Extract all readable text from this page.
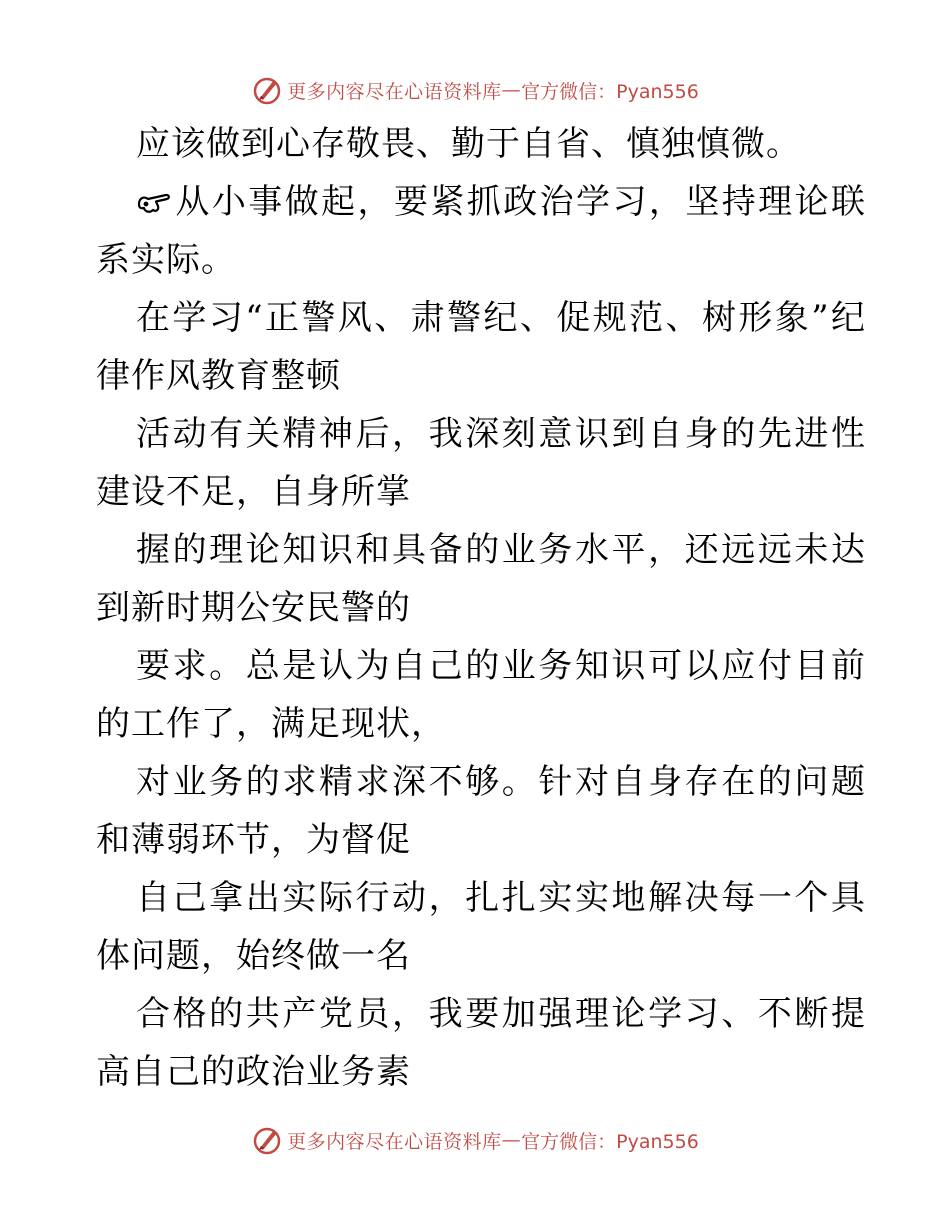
更多内容尽在心语资料库 — 官方微信：Pyan556

应该做到心存敬畏、勤于自省、慎独慎微。

从小事做起，要紧抓政治学习，坚持理论联系实际。

在学习“正警风、肃警纪、促规范、树形象”纪律作风教育整顿

活动有关精神后，我深刻意识到自身的先进性建设不足，自身所掌

握的理论知识和具备的业务水平，还远远未达到新时期公安民警的

要求。总是认为自己的业务知识可以应付目前的工作了，满足现状，

对业务的求精求深不够。针对自身存在的问题和薄弱环节，为督促

自己拿出实际行动，扎扎实实地解决每一个具体问题，始终做一名

合格的共产党员，我要加强理论学习、不断提高自己的政治业务素

更多内容尽在心语资料库 — 官方微信：Pyan556
